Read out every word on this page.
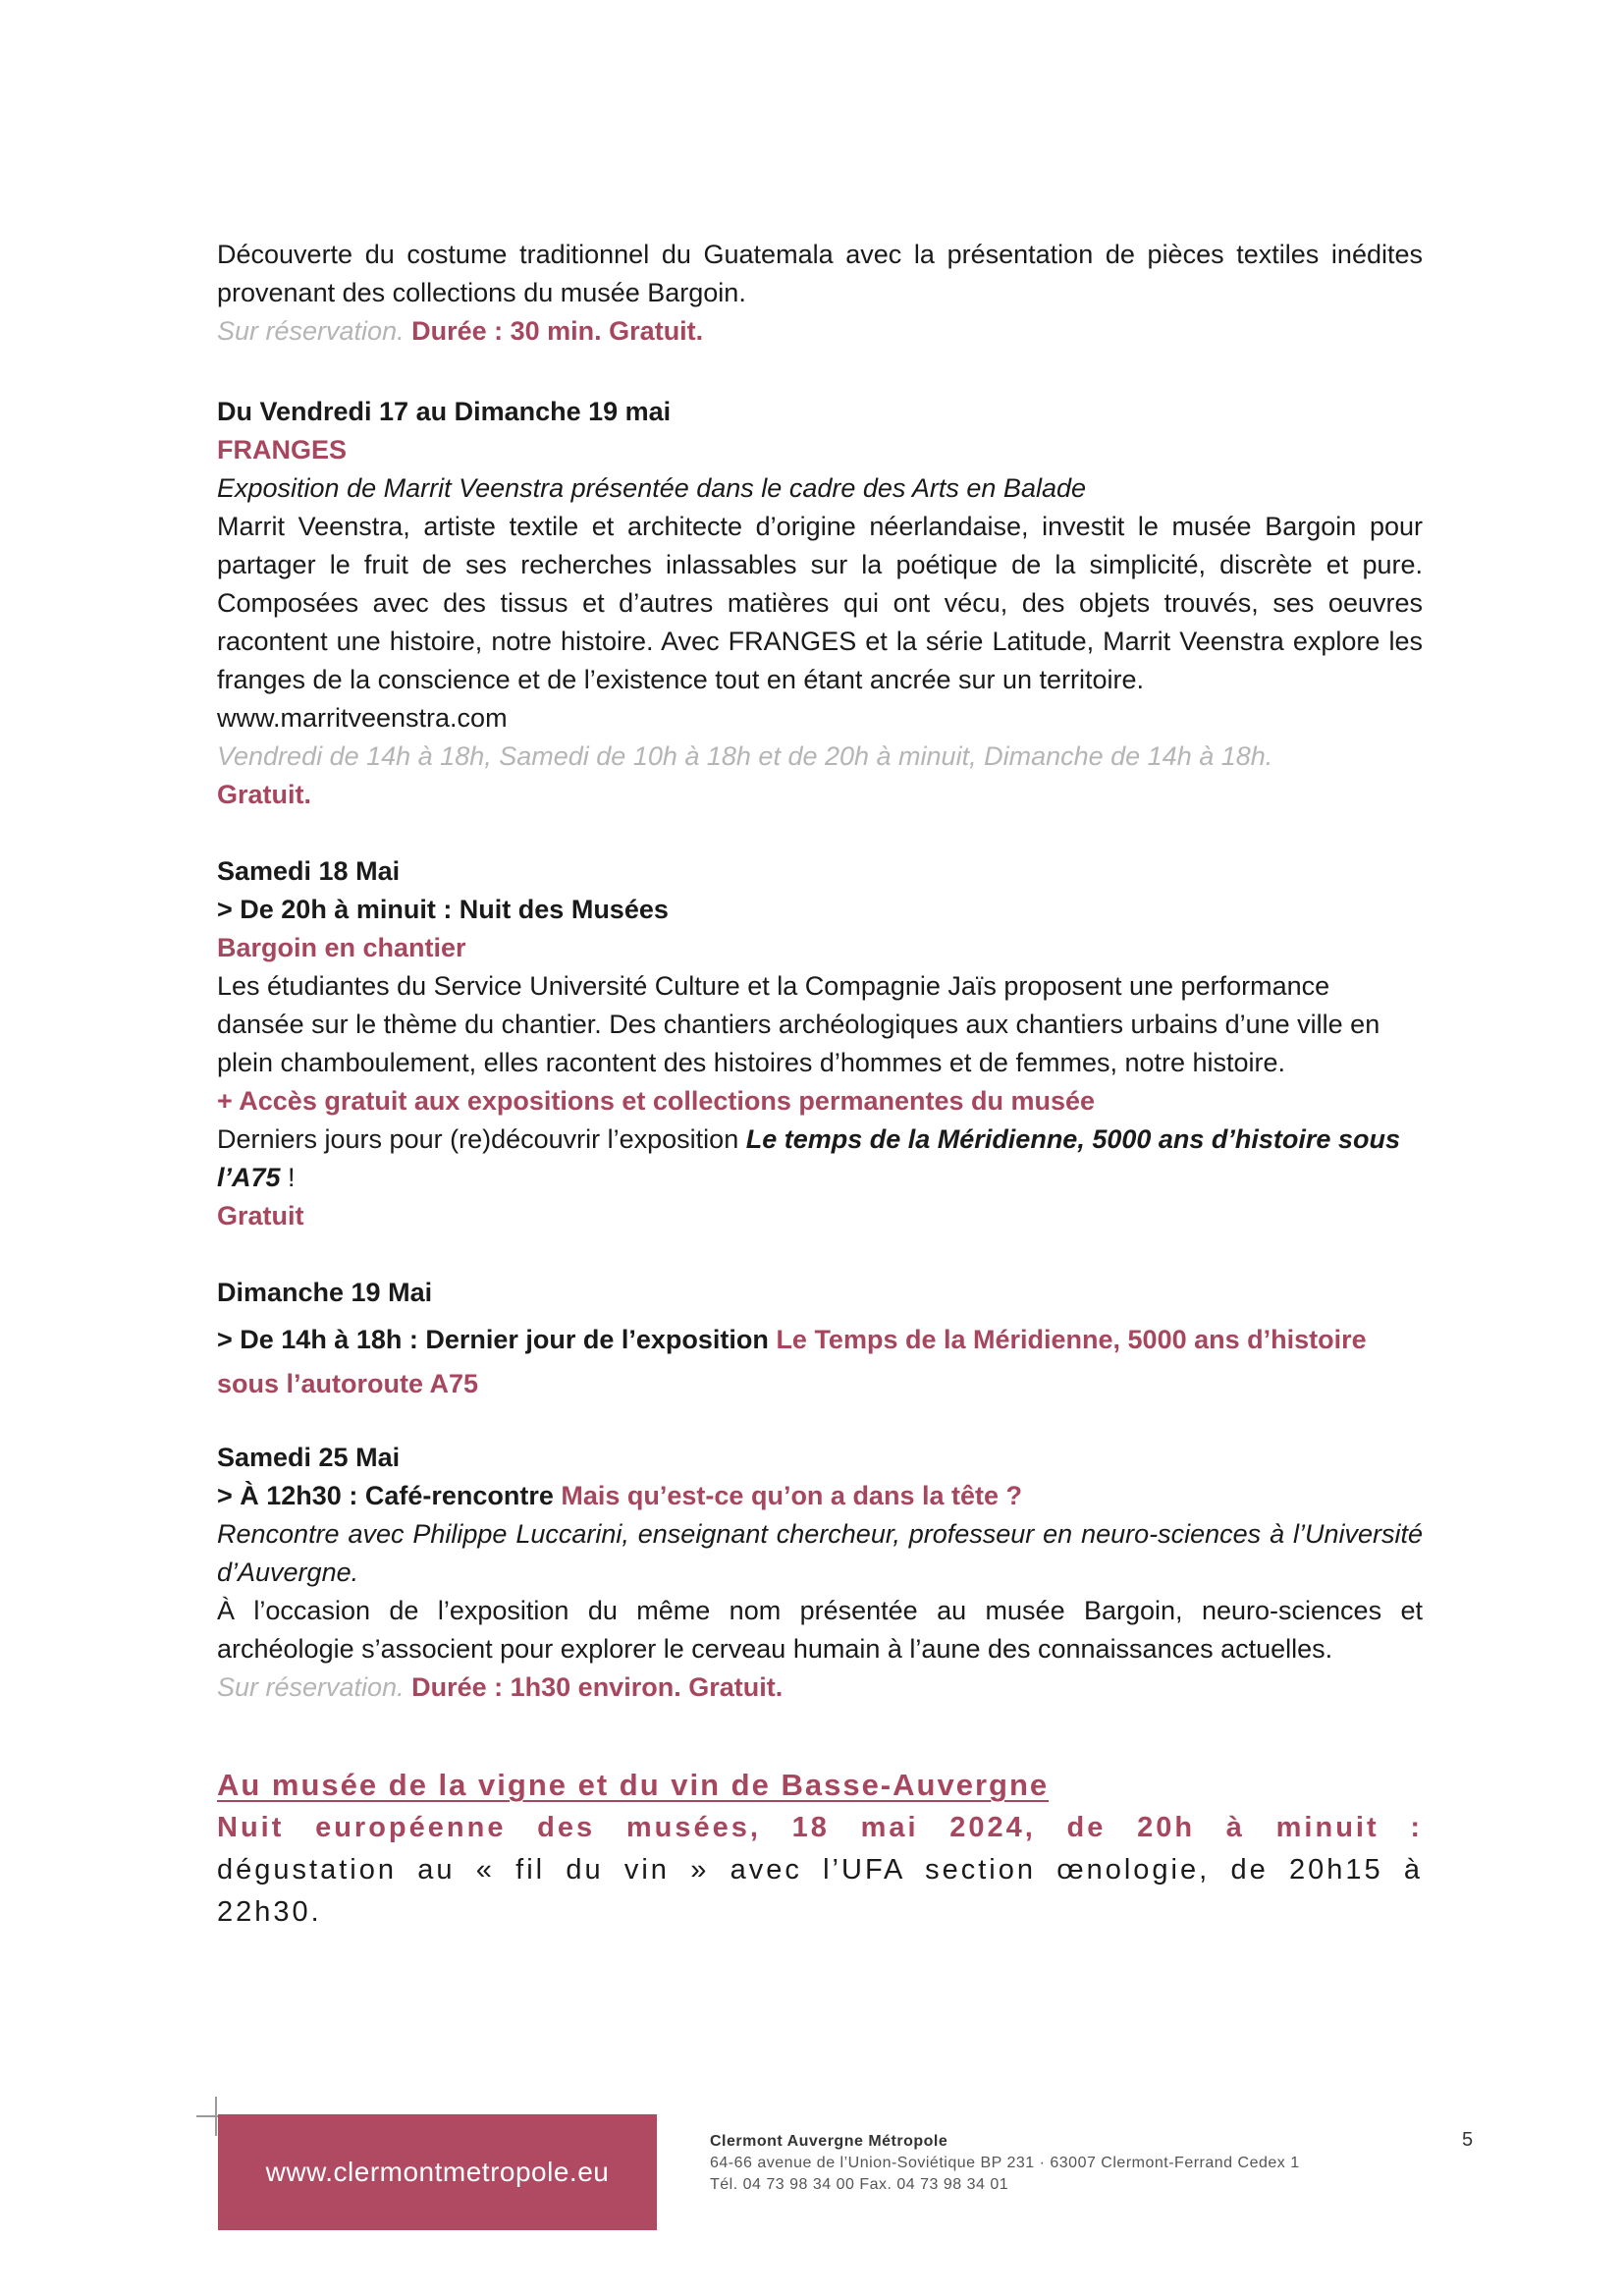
Découverte du costume traditionnel du Guatemala avec la présentation de pièces textiles inédites provenant des collections du musée Bargoin.

Sur réservation. Durée : 30 min. Gratuit.

Du Vendredi 17 au Dimanche 19 mai

FRANGES

Exposition de Marrit Veenstra présentée dans le cadre des Arts en Balade

Marrit Veenstra, artiste textile et architecte d’origine néerlandaise, investit le musée Bargoin pour partager le fruit de ses recherches inlassables sur la poétique de la simplicité, discrète et pure. Composées avec des tissus et d’autres matières qui ont vécu, des objets trouvés, ses oeuvres racontent une histoire, notre histoire. Avec FRANGES et la série Latitude, Marrit Veenstra explore les franges de la conscience et de l’existence tout en étant ancrée sur un territoire.

www.marritveenstra.com

Vendredi de 14h à 18h, Samedi de 10h à 18h et de 20h à minuit, Dimanche de 14h à 18h.

Gratuit.

Samedi 18 Mai

> De 20h à minuit : Nuit des Musées

Bargoin en chantier

Les étudiantes du Service Université Culture et la Compagnie Jaïs proposent une performance dansée sur le thème du chantier. Des chantiers archéologiques aux chantiers urbains d’une ville en plein chamboulement, elles racontent des histoires d’hommes et de femmes, notre histoire.

+ Accès gratuit aux expositions et collections permanentes du musée

Derniers jours pour (re)découvrir l’exposition Le temps de la Méridienne, 5000 ans d’histoire sous l’A75 !

Gratuit

Dimanche 19 Mai

> De 14h à 18h : Dernier jour de l’exposition Le Temps de la Méridienne, 5000 ans d’histoire sous l’autoroute A75

Samedi 25 Mai

> À 12h30 : Café-rencontre Mais qu’est-ce qu’on a dans la tête ?

Rencontre avec Philippe Luccarini, enseignant chercheur, professeur en neuro-sciences à l’Université d’Auvergne.

À l’occasion de l’exposition du même nom présentée au musée Bargoin, neuro-sciences et archéologie s’associent pour explorer le cerveau humain à l’aune des connaissances actuelles.

Sur réservation. Durée : 1h30 environ. Gratuit.

Au musée de la vigne et du vin de Basse-Auvergne

Nuit européenne des musées, 18 mai 2024, de 20h à minuit :

dégustation au « fil du vin » avec l’UFA section œnologie, de 20h15 à

22h30.

www.clermontmetropole.eu
Clermont Auvergne Métropole
64-66 avenue de l’Union-Soviétique BP 231 · 63007 Clermont-Ferrand Cedex 1
Tél. 04 73 98 34 00 Fax. 04 73 98 34 01
5
